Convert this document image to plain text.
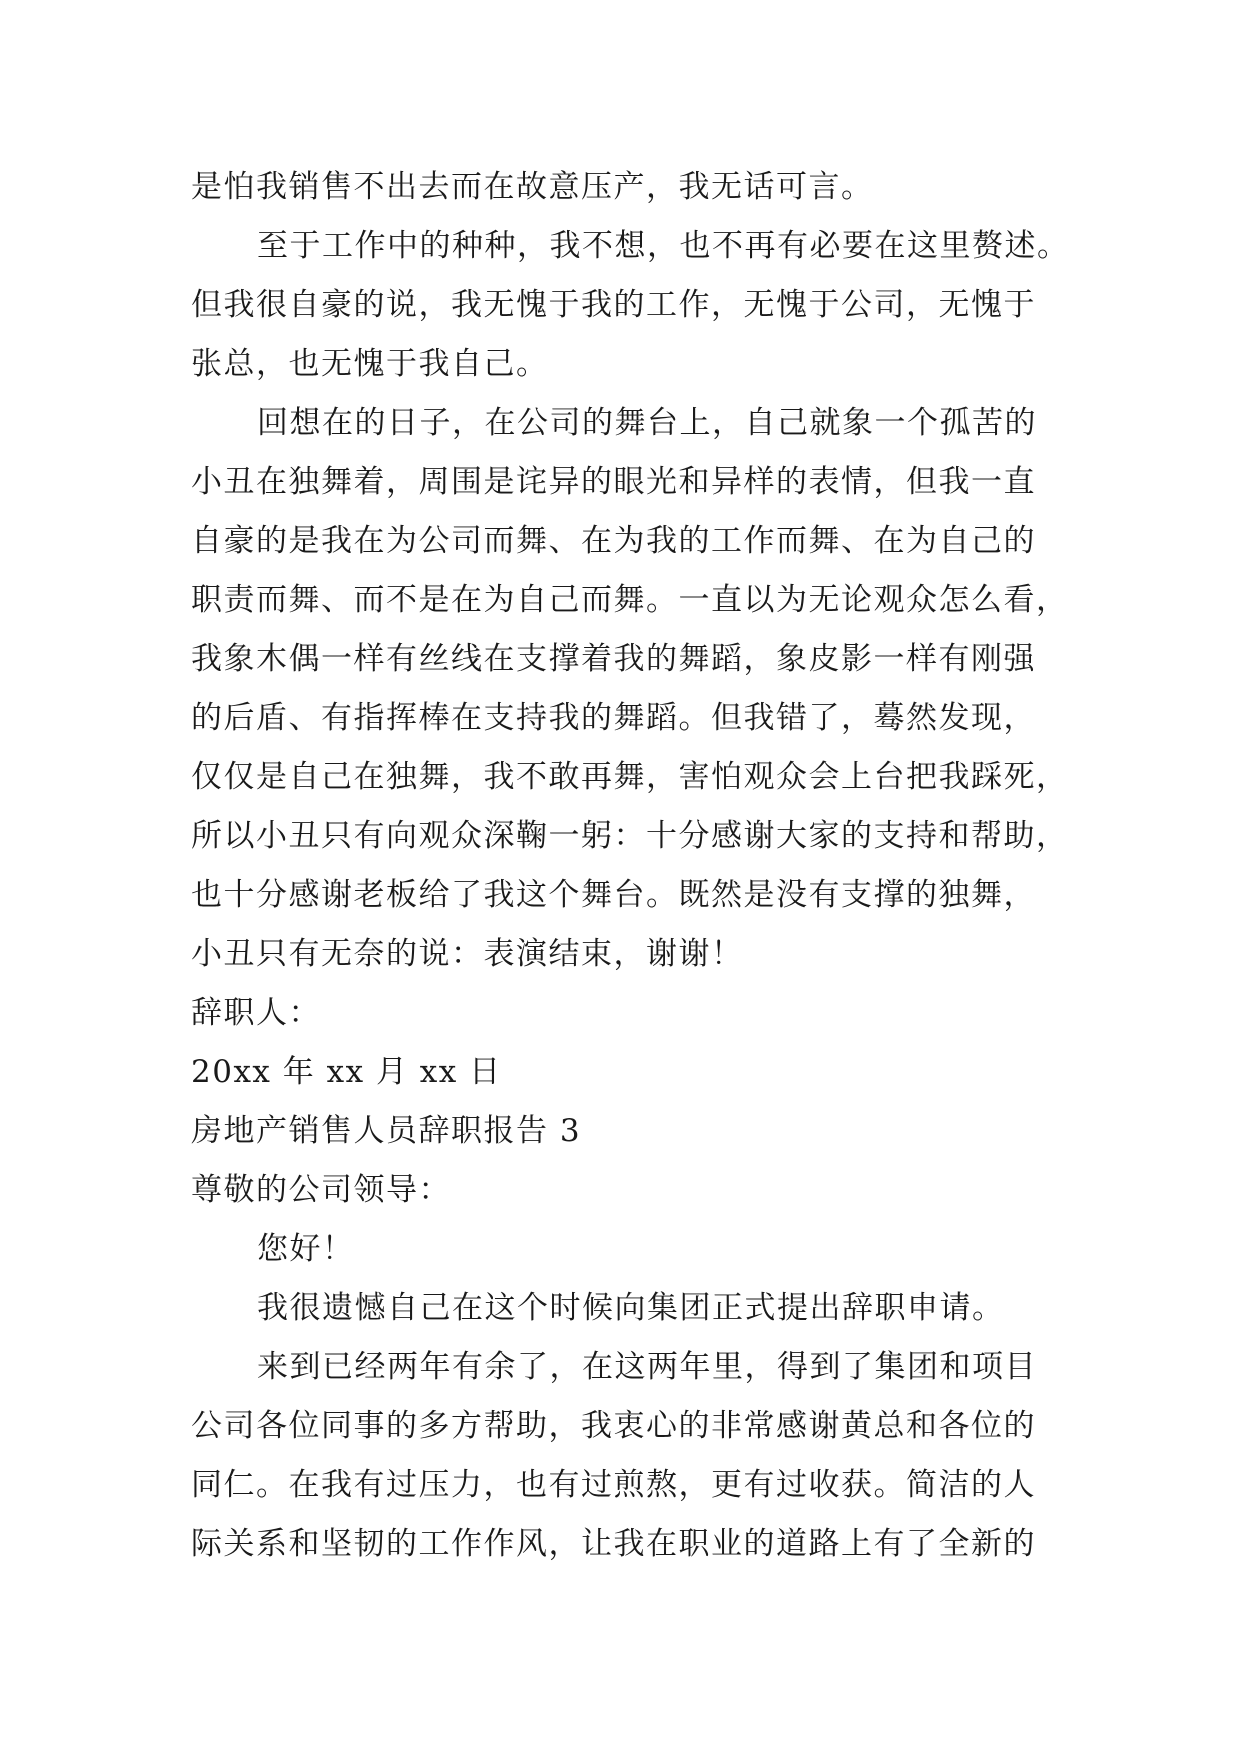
是怕我销售不出去而在故意压产，我无话可言。
至于工作中的种种，我不想，也不再有必要在这里赘述。
但我很自豪的说，我无愧于我的工作，无愧于公司，无愧于
张总，也无愧于我自己。
回想在的日子，在公司的舞台上，自己就象一个孤苦的
小丑在独舞着，周围是诧异的眼光和异样的表情，但我一直
自豪的是我在为公司而舞、在为我的工作而舞、在为自己的
职责而舞、而不是在为自己而舞。一直以为无论观众怎么看，
我象木偶一样有丝线在支撑着我的舞蹈，象皮影一样有刚强
的后盾、有指挥棒在支持我的舞蹈。但我错了，蓦然发现，
仅仅是自己在独舞，我不敢再舞，害怕观众会上台把我踩死，
所以小丑只有向观众深鞠一躬：十分感谢大家的支持和帮助，
也十分感谢老板给了我这个舞台。既然是没有支撑的独舞，
小丑只有无奈的说：表演结束，谢谢！
辞职人：
20xx 年 xx 月 xx 日
房地产销售人员辞职报告 3
尊敬的公司领导：
您好！
我很遗憾自己在这个时候向集团正式提出辞职申请。
来到已经两年有余了，在这两年里，得到了集团和项目
公司各位同事的多方帮助，我衷心的非常感谢黄总和各位的
同仁。在我有过压力，也有过煎熬，更有过收获。简洁的人
际关系和坚韧的工作作风，让我在职业的道路上有了全新的
